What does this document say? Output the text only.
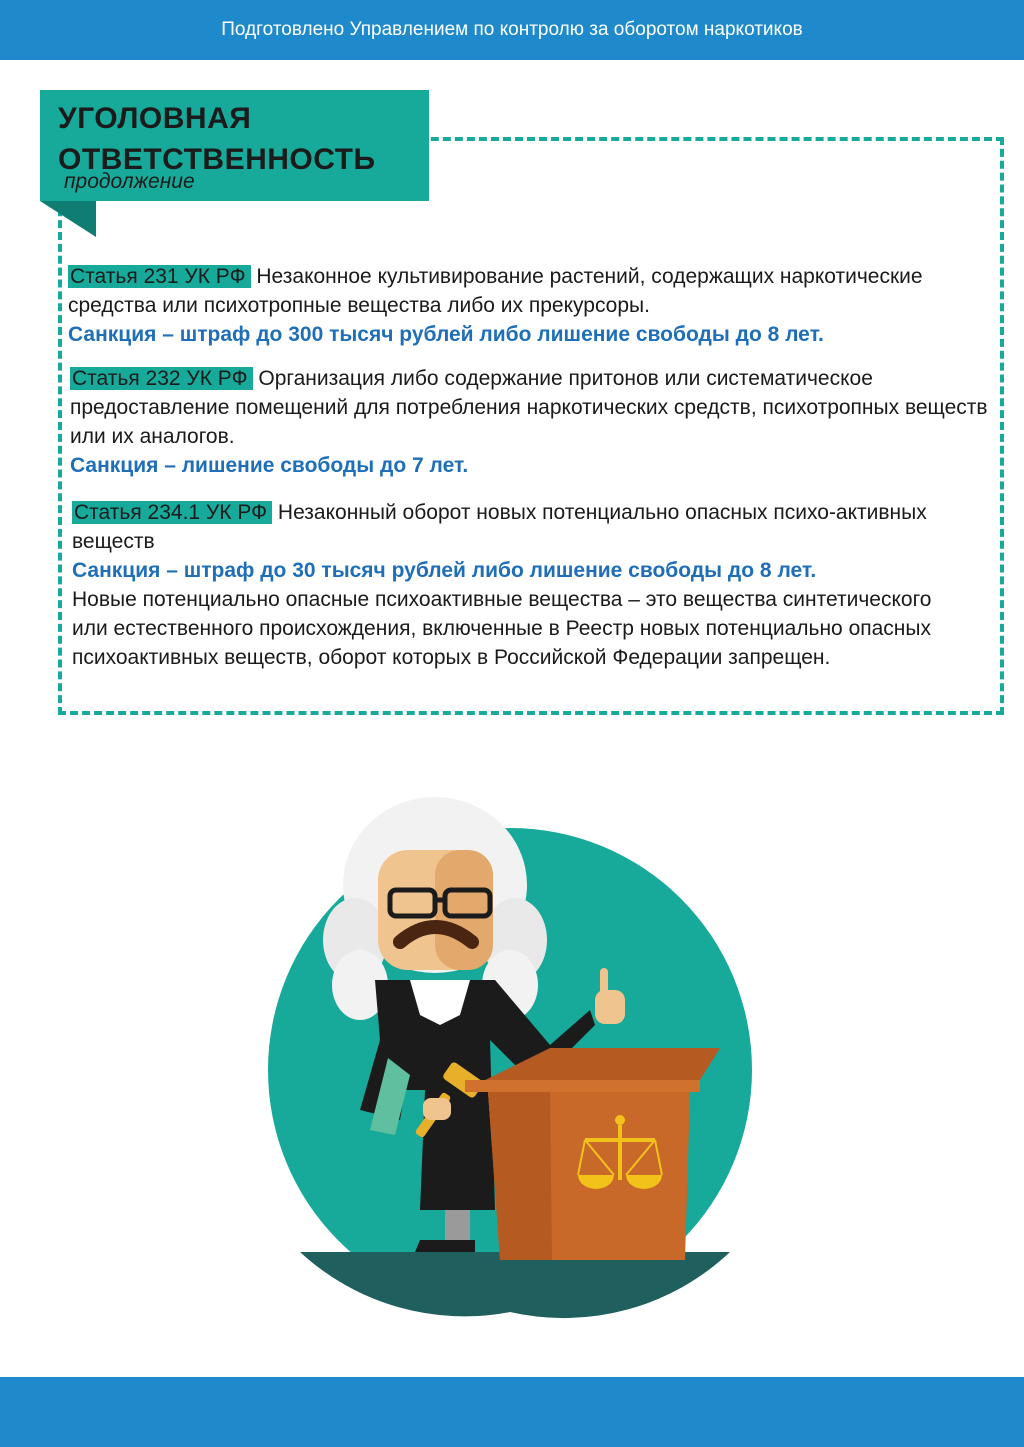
Подготовлено Управлением по контролю за оборотом наркотиков
УГОЛОВНАЯ
ОТВЕТСТВЕННОСТЬ
продолжение
Статья 231 УК РФ Незаконное культивирование растений, содержащих наркотические средства или психотропные вещества либо их прекурсоры.
Санкция – штраф до 300 тысяч рублей либо лишение свободы до 8 лет.
Статья 232 УК РФ Организация либо содержание притонов или систематическое предоставление помещений для потребления наркотических средств, психотропных веществ или их аналогов.
Санкция – лишение свободы до 7 лет.
Статья 234.1 УК РФ Незаконный оборот новых потенциально опасных психо-активных веществ
Санкция – штраф до 30 тысяч рублей либо лишение свободы до 8 лет.
Новые потенциально опасные психоактивные вещества – это вещества синтетического или естественного происхождения, включенные в Реестр новых потенциально опасных психоактивных веществ, оборот которых в Российской Федерации запрещен.
